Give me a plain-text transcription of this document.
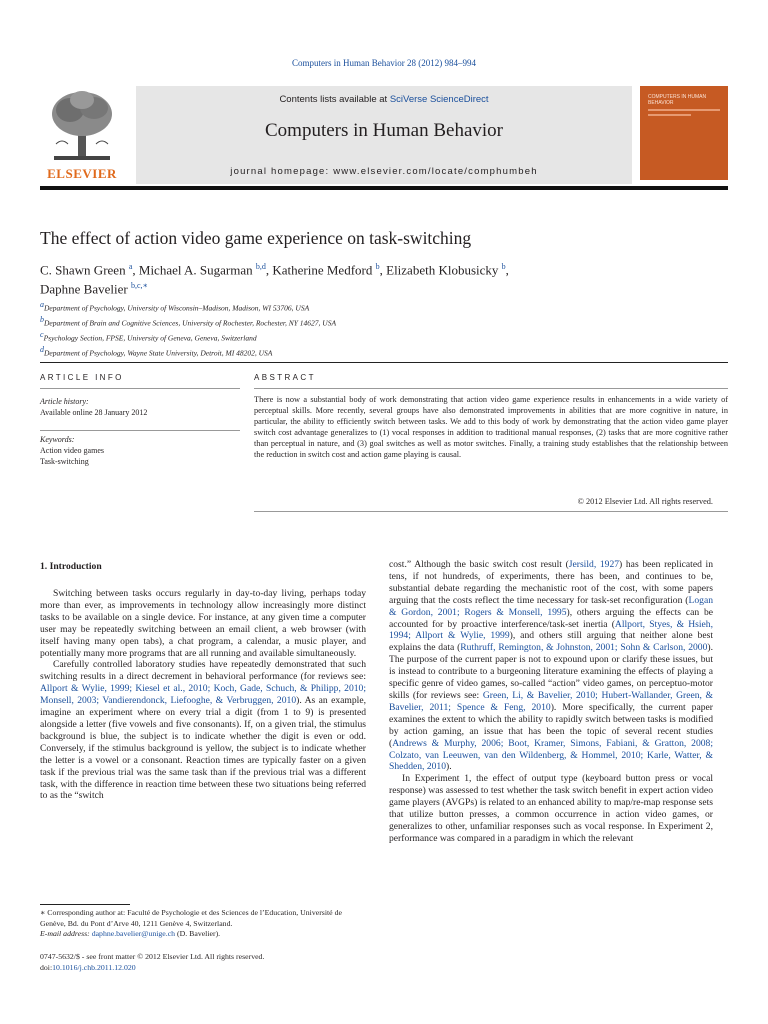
Computers in Human Behavior 28 (2012) 984–994
ELSEVIER
Contents lists available at SciVerse ScienceDirect
Computers in Human Behavior
journal homepage: www.elsevier.com/locate/comphumbeh
COMPUTERS IN HUMAN BEHAVIOR
The effect of action video game experience on task-switching
C. Shawn Green $^a$, Michael A. Sugarman $^{b,d}$, Katherine Medford $^b$, Elizabeth Klobusicky $^b$,
Daphne Bavelier $^{b,c,∗}$
$^a$Department of Psychology, University of Wisconsin–Madison, Madison, WI 53706, USA
$^b$Department of Brain and Cognitive Sciences, University of Rochester, Rochester, NY 14627, USA
$^c$Psychology Section, FPSE, University of Geneva, Geneva, Switzerland
$^d$Department of Psychology, Wayne State University, Detroit, MI 48202, USA
ARTICLE INFO	ABSTRACT
Article history:
Available online 28 January 2012
Keywords:
Action video games
Task-switching
There is now a substantial body of work demonstrating that action video game experience results in enhancements in a wide variety of perceptual skills. More recently, several groups have also demonstrated improvements in abilities that are more cognitive in nature, in particular, the ability to efficiently switch between tasks. We add to this body of work by demonstrating that the action video game player switch cost advantage generalizes to (1) vocal responses in addition to traditional manual responses, (2) tasks that are more cognitive rather than perceptual in nature, and (3) goal switches as well as motor switches. Finally, a training study establishes that the relationship between the reduction in switch cost and action game playing is causal.
© 2012 Elsevier Ltd. All rights reserved.
1. Introduction

Switching between tasks occurs regularly in day-to-day living, perhaps today more than ever, as improvements in technology allow increasingly more distinct tasks to be available on a single device. For instance, at any given time a computer user may be repeatedly switching between an email client, a web browser (with itself having many open tabs), a chat program, a calendar, a music player, and potentially many more programs that are all running and available simultaneously.

Carefully controlled laboratory studies have repeatedly demonstrated that such switching results in a direct decrement in behavioral performance (for reviews see: Allport & Wylie, 1999; Kiesel et al., 2010; Koch, Gade, Schuch, & Philipp, 2010; Monsell, 2003; Vandierendonck, Liefooghe, & Verbruggen, 2010). As an example, imagine an experiment where on every trial a digit (from 1 to 9) is presented alongside a letter (five vowels and five consonants). If, on a given trial, the stimulus background is blue, the subject is to indicate whether the digit is even or odd. Conversely, if the stimulus background is yellow, the subject is to indicate whether the letter is a vowel or a consonant. Reaction times are typically faster on a given task if the previous trial was the same task than if the previous trial was a different task, with the difference in reaction time between these two situations being referred to as the “switch

cost.” Although the basic switch cost result (Jersild, 1927) has been replicated in tens, if not hundreds, of experiments, there has been, and continues to be, substantial debate regarding the mechanistic root of the cost, with some papers arguing that the costs reflect the time necessary for task-set reconfiguration (Logan & Gordon, 2001; Rogers & Monsell, 1995), others arguing the effects can be accounted for by proactive interference/task-set inertia (Allport, Styes, & Hsieh, 1994; Allport & Wylie, 1999), and others still arguing that neither alone best explains the data (Ruthruff, Remington, & Johnston, 2001; Sohn & Carlson, 2000). The purpose of the current paper is not to expound upon or clarify these issues, but is instead to contribute to a burgeoning literature examining the effects of playing a specific genre of video games, so-called “action” video games, on perceptuo-motor skills (for reviews see: Green, Li, & Bavelier, 2010; Hubert-Wallander, Green, & Bavelier, 2011; Spence & Feng, 2010). More specifically, the current paper examines the extent to which the ability to rapidly switch between tasks is modified by action gaming, an issue that has been the topic of several recent studies (Andrews & Murphy, 2006; Boot, Kramer, Simons, Fabiani, & Gratton, 2008; Colzato, van Leeuwen, van den Wildenberg, & Hommel, 2010; Karle, Watter, & Shedden, 2010).

In Experiment 1, the effect of output type (keyboard button press or vocal response) was assessed to test whether the task switch benefit in expert action video game players (AVGPs) is related to an enhanced ability to map/re-map response sets that utilize button presses, a common occurrence in action video games, or generalizes to other, unfamiliar responses such as vocal response. In Experiment 2, performance was compared in a paradigm in which the relevant

∗ Corresponding author at: Faculté de Psychologie et des Sciences de l’Education, Université de Genève, Bd. du Pont d’Arve 40, 1211 Genève 4, Switzerland.
E-mail address: daphne.bavelier@unige.ch (D. Bavelier).
0747-5632/$ - see front matter © 2012 Elsevier Ltd. All rights reserved.
doi:10.1016/j.chb.2011.12.020
